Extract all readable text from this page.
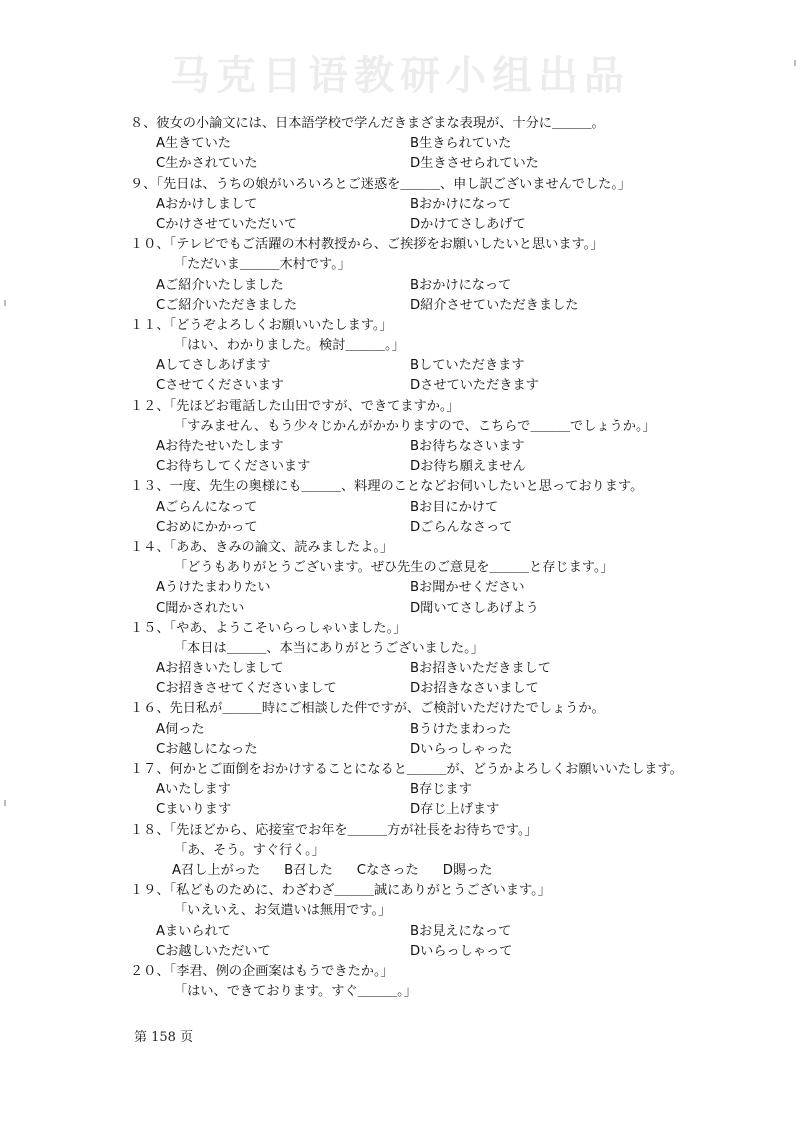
马克日语教研小组出品
８、彼女の小論文には、日本語学校で学んだきまざまな表現が、十分に＿＿＿。
A生きていた	B生きられていた
C生かされていた	D生きさせられていた
９、「先日は、うちの娘がいろいろとご迷惑を＿＿＿、申し訳ございませんでした。」
Aおかけしまして	Bおかけになって
Cかけさせていただいて	Dかけてさしあげて
１０、「テレビでもご活躍の木村教授から、ご挨拶をお願いしたいと思います。」
「ただいま＿＿＿木村です。」
Aご紹介いたしました	Bおかけになって
Cご紹介いただきました	D紹介させていただきました
１１、「どうぞよろしくお願いいたします。」
「はい、わかりました。検討＿＿＿。」
Aしてさしあげます	Bしていただきます
Cさせてくださいます	Dさせていただきます
１２、「先ほどお電話した山田ですが、できてますか。」
「すみません、もう少々じかんがかかりますので、こちらで＿＿＿でしょうか。」
Aお待たせいたします	Bお待ちなさいます
Cお待ちしてくださいます	Dお待ち願えません
１３、一度、先生の奥様にも＿＿＿、料理のことなどお伺いしたいと思っております。
Aごらんになって	Bお目にかけて
Cおめにかかって	Dごらんなさって
１４、「ああ、きみの論文、読みましたよ。」
「どうもありがとうございます。ぜひ先生のご意見を＿＿＿と存じます。」
Aうけたまわりたい	Bお聞かせください
C聞かされたい	D聞いてさしあげよう
１５、「やあ、ようこそいらっしゃいました。」
「本日は＿＿＿、本当にありがとうございました。」
Aお招きいたしまして	Bお招きいただきまして
Cお招きさせてくださいまして	Dお招きなさいまして
１６、先日私が＿＿＿時にご相談した件ですが、ご検討いただけたでしょうか。
A伺った	Bうけたまわった
Cお越しになった	Dいらっしゃった
１７、何かとご面倒をおかけすることになると＿＿＿が、どうかよろしくお願いいたします。
Aいたします	B存じます
Cまいります	D存じ上げます
１８、「先ほどから、応接室でお年を＿＿＿方が社長をお待ちです。」
「あ、そう。すぐ行く。」
A召し上がった B召した Cなさった D賜った
１９、「私どものために、わざわざ＿＿＿誠にありがとうございます。」
「いえいえ、お気遣いは無用です。」
Aまいられて	Bお見えになって
Cお越しいただいて	Dいらっしゃって
２０、「李君、例の企画案はもうできたか。」
「はい、できております。すぐ＿＿＿。」
第 158 页
